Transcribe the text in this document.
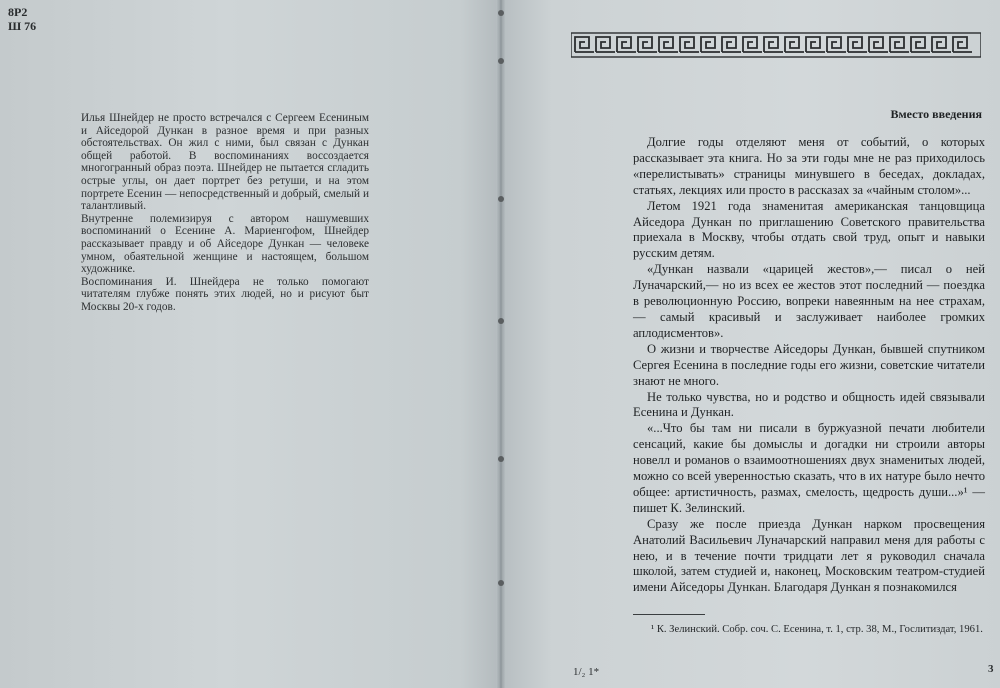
8Р2
Ш 76

Илья Шнейдер не просто встречался с Сергеем Есениным и Айседорой Дункан в разное время и при разных обстоятельствах. Он жил с ними, был связан с Дункан общей работой. В воспоминаниях воссоздается многогранный образ поэта. Шнейдер не пытается сгладить острые углы, он дает портрет без ретуши, и на этом портрете Есенин — непосредственный и добрый, смелый и талантливый.

Внутренне полемизируя с автором нашумевших воспоминаний о Есенине А. Мариенгофом, Шнейдер рассказывает правду и об Айседоре Дункан — человеке умном, обаятельной женщине и настоящем, большом художнике.

Воспоминания И. Шнейдера не только помогают читателям глубже понять этих людей, но и рисуют быт Москвы 20-х годов.

Вместо введения

Долгие годы отделяют меня от событий, о которых рассказывает эта книга. Но за эти годы мне не раз приходилось «перелистывать» страницы минувшего в беседах, докладах, статьях, лекциях или просто в рассказах за «чайным столом»...

Летом 1921 года знаменитая американская танцовщица Айседора Дункан по приглашению Советского правительства приехала в Москву, чтобы отдать свой труд, опыт и навыки русским детям.

«Дункан назвали «царицей жестов»,— писал о ней Луначарский,— но из всех ее жестов этот последний — поездка в революционную Россию, вопреки навеянным на нее страхам,— самый красивый и заслуживает наиболее громких аплодисментов».

О жизни и творчестве Айседоры Дункан, бывшей спутником Сергея Есенина в последние годы его жизни, советские читатели знают не много.

Не только чувства, но и родство и общность идей связывали Есенина и Дункан.

«...Что бы там ни писали в буржуазной печати любители сенсаций, какие бы домыслы и догадки ни строили авторы новелл и романов о взаимоотношениях двух знаменитых людей, можно со всей уверенностью сказать, что в их натуре было нечто общее: артистичность, размах, смелость, щедрость души...»¹ — пишет К. Зелинский.

Сразу же после приезда Дункан нарком просвещения Анатолий Васильевич Луначарский направил меня для работы с нею, и в течение почти тридцати лет я руководил сначала школой, затем студией и, наконец, Московским театром-студией имени Айседоры Дункан. Благодаря Дункан я познакомился

¹ К. Зелинский. Собр. соч. С. Есенина, т. 1, стр. 38, М., Гослитиздат, 1961.
1/₂ 1*	3
